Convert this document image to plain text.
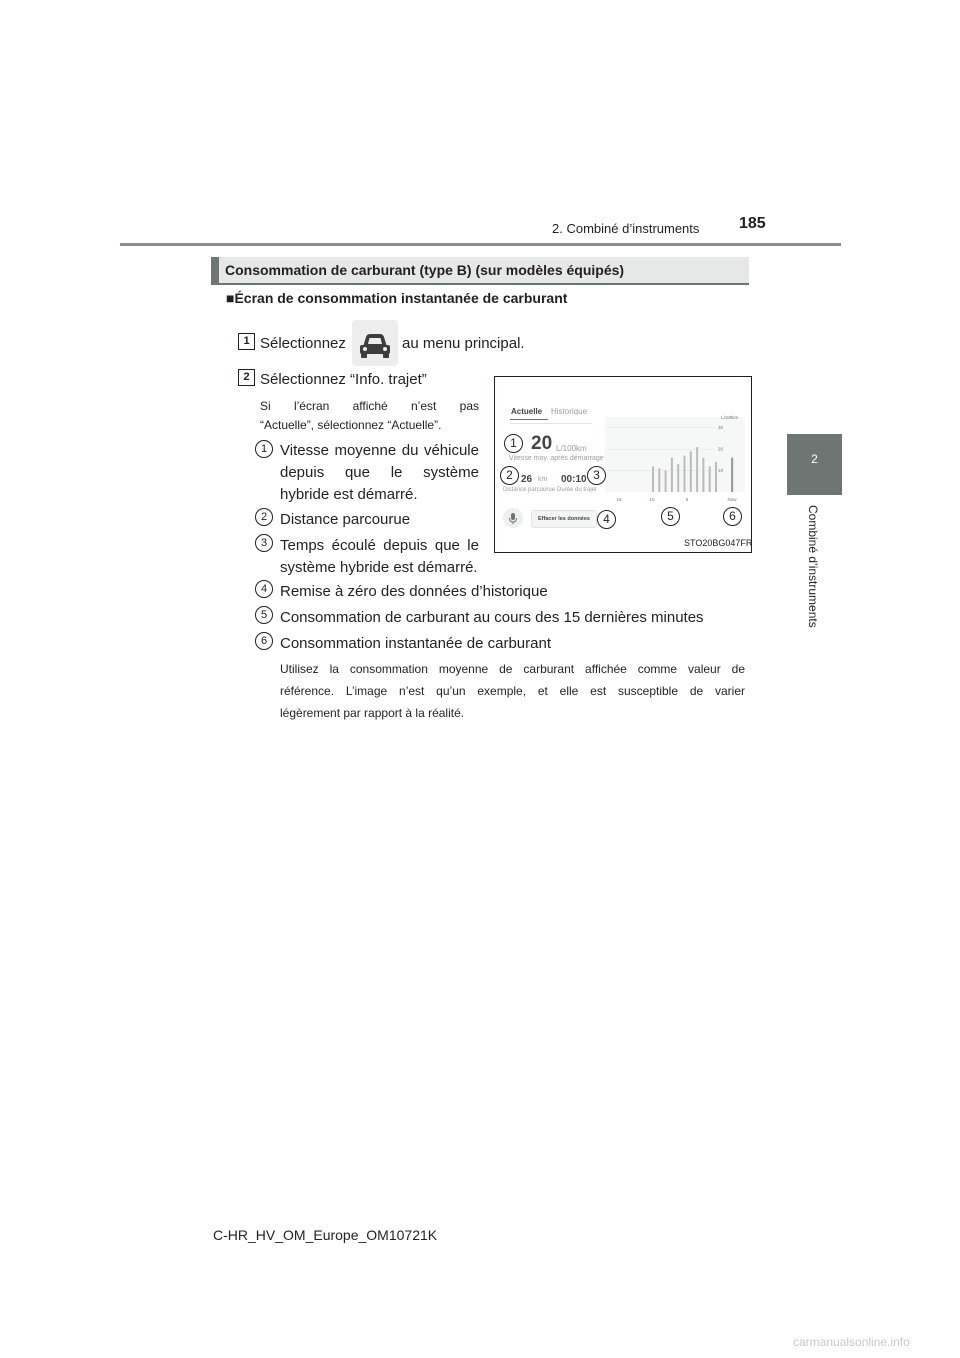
2. Combiné d’instruments 185
2
Combiné d’instruments
Consommation de carburant (type B) (sur modèles équipés)
■Écran de consommation instantanée de carburant
1 Sélectionnez	au menu principal.
2 Sélectionnez “Info. trajet”
Si l’écran affiché n’est pas
“Actuelle”, sélectionnez “Actuelle”.
1 Vitesse moyenne du véhicule
depuis que le système
hybride est démarré.
2 Distance parcourue
3 Temps écoulé depuis que le
système hybride est démarré.
4 Remise à zéro des données d’historique
5 Consommation de carburant au cours des 15 dernières minutes
6 Consommation instantanée de carburant
Utilisez la consommation moyenne de carburant affichée comme valeur de
référence. L’image n’est qu’un exemple, et elle est susceptible de varier
légèrement par rapport à la réalité.
Actuelle Historique
20 L/100km
Vitesse moy. après démarrage
26 km
Distance parcourue
00:10
Durée du trajet
Effacer les données
30
20
10
15	10	5	Now
L/100km
1
2	3
4	5	6
STO20BG047FR
C-HR_HV_OM_Europe_OM10721K
carmanualsonline.info
